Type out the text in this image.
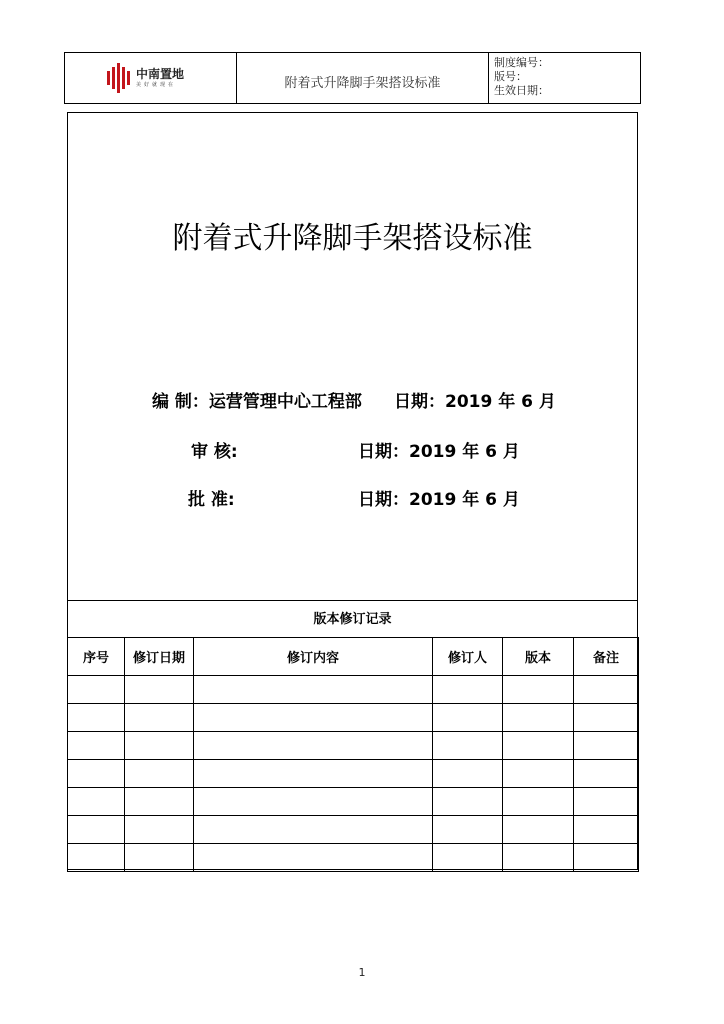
中南置地
美好就现在	附着式升降脚手架搭设标准
制度编号：
版号：
生效日期：
附着式升降脚手架搭设标准
编 制：运营管理中心工程部 日期：2019 年 6 月
审 核:	日期：2019 年 6 月
批 准:	日期：2019 年 6 月
版本修订记录
序号	修订日期	修订内容	修订人	版本	备注

1
